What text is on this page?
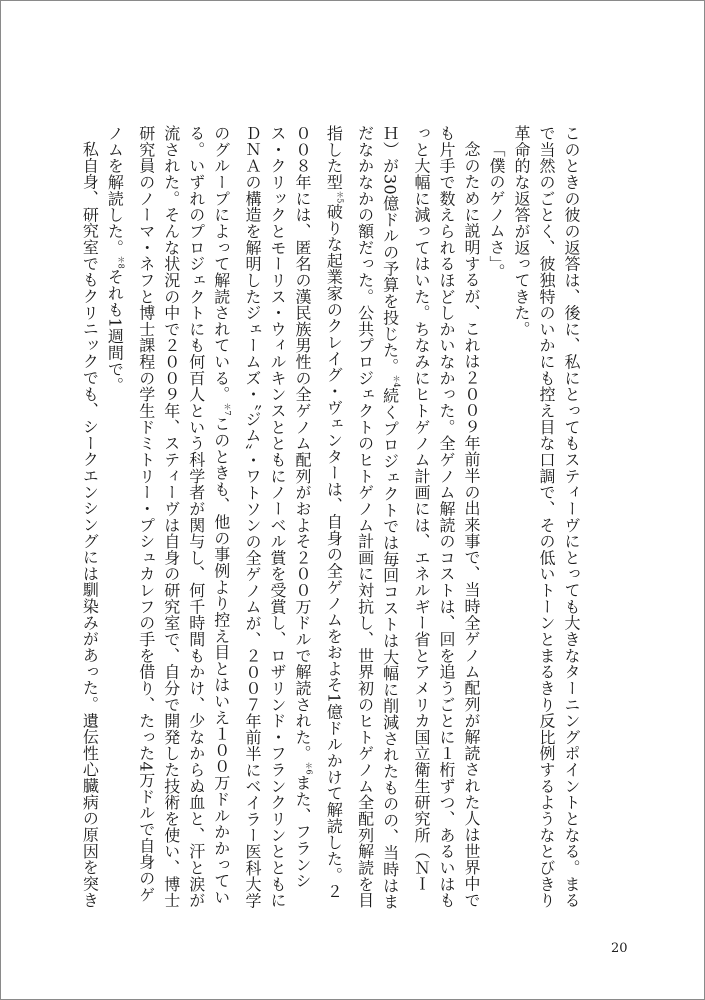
このときの彼の返答は、後に、私にとってもスティーヴにとっても大きなターニングポイントとなる。まるで当然のごとく、彼独特のいかにも控え目な口調で、その低いトーンとまるきり反比例するようなとびきり革命的な返答が返ってきた。

「僕のゲノムさ」。

念のために説明するが、これは２００９年前半の出来事で、当時全ゲノム配列が解読された人は世界中でも片手で数えられるほどしかいなかった。全ゲノム解読のコストは、回を追うごとに１桁ずつ、あるいはもっと大幅に減ってはいた。ちなみにヒトゲノム計画には、エネルギー省とアメリカ国立衛生研究所（ＮＩＨ）が30億ドルの予算を投じた。$^{*4}$続くプロジェクトでは毎回コストは大幅に削減されたものの、当時はまだなかなかの額だった。公共プロジェクトのヒトゲノム計画に対抗し、世界初のヒトゲノム全配列解読を目指した型$^{*5}$破りな起業家のクレイグ・ヴェンターは、自身の全ゲノムをおよそ1億ドルかけて解読した。２００８年には、匿名の漢民族男性の全ゲノム配列がおよそ２００万ドルで解読された。$^{*6}$また、フランシス・クリックとモーリス・ウィルキンスとともにノーベル賞を受賞し、ロザリンド・フランクリンとともにＤＮＡの構造を解明したジェームズ・〝ジム〟・ワトソンの全ゲノムが、２００７年前半にベイラー医科大学のグループによって解読されている。$^{*7}$このときも、他の事例より控え目とはいえ１００万ドルかかっている。いずれのプロジェクトにも何百人という科学者が関与し、何千時間もかけ、少なからぬ血と、汗と涙が流された。そんな状況の中で２００９年、スティーヴは自身の研究室で、自分で開発した技術を使い、博士研究員のノーマ・ネフと博士課程の学生ドミトリー・プシュカレフの手を借り、たった4万ドルで自身のゲノムを解読した。$^{*8}$それも1週間で。

私自身、研究室でもクリニックでも、シークエンシングには馴染みがあった。遺伝性心臓病の原因を突き

20
